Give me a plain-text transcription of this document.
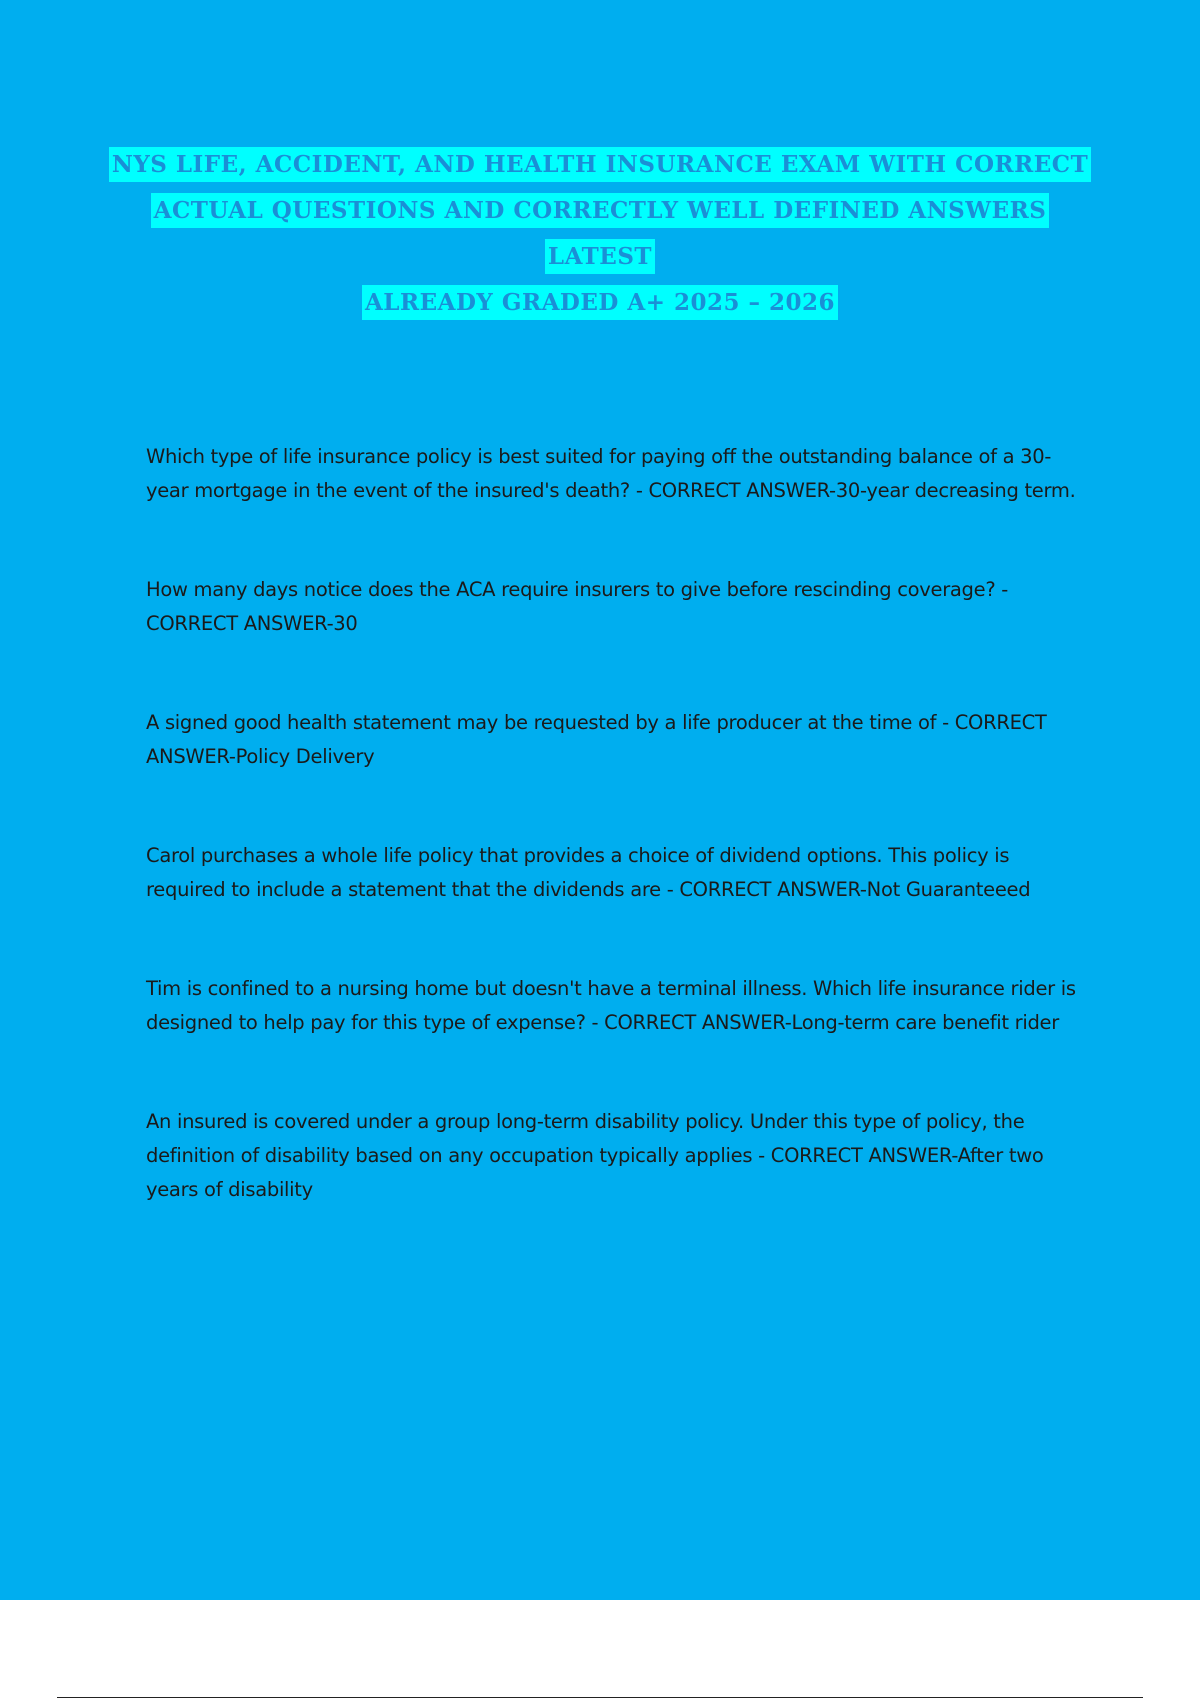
NYS LIFE, ACCIDENT, AND HEALTH INSURANCE EXAM WITH CORRECT
ACTUAL QUESTIONS AND CORRECTLY WELL DEFINED ANSWERS LATEST
ALREADY GRADED A+ 2025 – 2026
Which type of life insurance policy is best suited for paying off the outstanding balance of a 30-year mortgage in the event of the insured's death? - CORRECT ANSWER-30-year decreasing term.
How many days notice does the ACA require insurers to give before rescinding coverage? - CORRECT ANSWER-30
A signed good health statement may be requested by a life producer at the time of - CORRECT ANSWER-Policy Delivery
Carol purchases a whole life policy that provides a choice of dividend options. This policy is required to include a statement that the dividends are - CORRECT ANSWER-Not Guaranteeed
Tim is confined to a nursing home but doesn't have a terminal illness. Which life insurance rider is designed to help pay for this type of expense? - CORRECT ANSWER-Long-term care benefit rider
An insured is covered under a group long-term disability policy. Under this type of policy, the definition of disability based on any occupation typically applies - CORRECT ANSWER-After two years of disability
